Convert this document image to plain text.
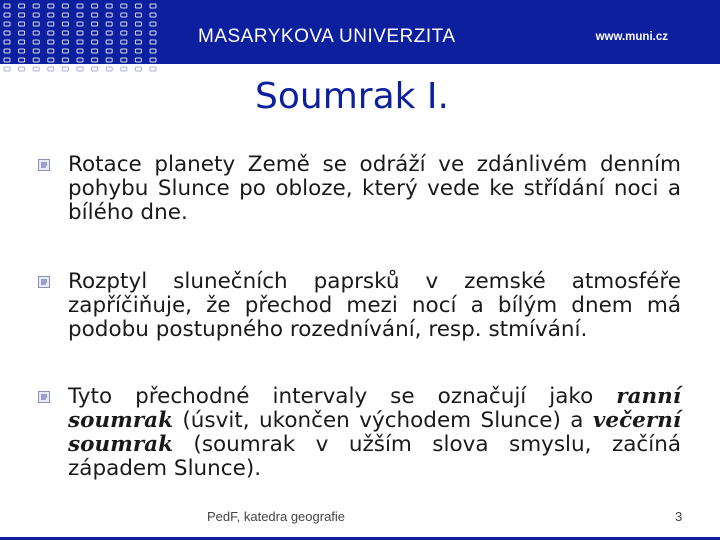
MASARYKOVA UNIVERZITA	www.muni.cz
Soumrak I.
Rotace planety Země se odráží ve zdánlivém denním pohybu Slunce po obloze, který vede ke střídání noci a bílého dne.
Rozptyl slunečních paprsků v zemské atmosféře zapříčiňuje, že přechod mezi nocí a bílým dnem má podobu postupného rozednívání, resp. stmívání.
Tyto přechodné intervaly se označují jako ranní soumrak (úsvit, ukončen východem Slunce) a večerní soumrak (soumrak v užším slova smyslu, začíná západem Slunce).
PedF, katedra geografie	3
